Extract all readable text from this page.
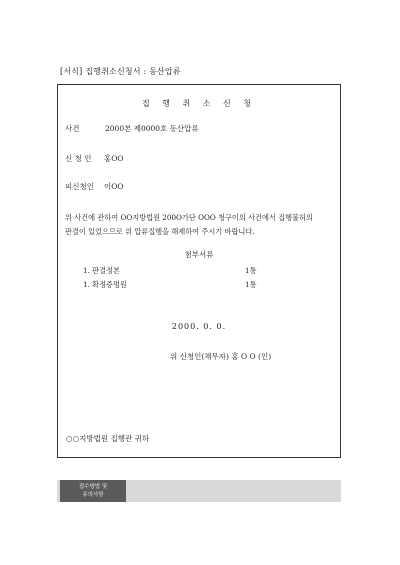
[서식] 집행취소신청서 : 동산압류
집 행 취 소 신 청
사건	2000본 제0000호 동산압류
신 청 인 홍OO
피신청인 이OO
위 사건에 관하여 OO지방법원 200O가단 OOO 청구이의 사건에서 집행불허의 판결이 있었으므로 위 압류집행을 해제하여 주시기 바랍니다.
첨부서류
1. 판결정본	1통
1. 확정증명원	1통
2000. 0. 0.
위 신청인(채무자) 홍 O O (인)
○○지방법원 집행관 귀하
접수방법 및
유의사항
